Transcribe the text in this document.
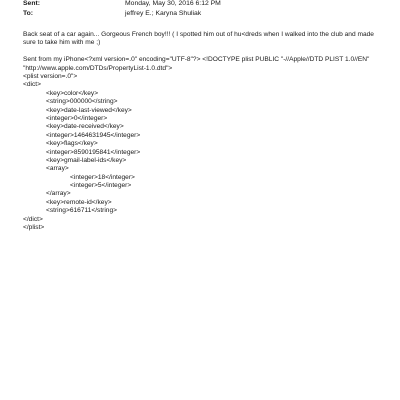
Sent:	Monday, May 30, 2016 6:12 PM
To:	jeffrey E.; Karyna Shuliak
Back seat of a car again... Gorgeous French boy!!! ( I spotted him out of hu<dreds when I walked into the club and made sure to take him with me ;)
Sent from my iPhone<?xml version=.0" encoding="UTF-8"?> <!DOCTYPE plist PUBLIC "-//Apple//DTD PLIST 1.0//EN"
"http://www.apple.com/DTDs/PropertyList-1.0.dtd">
<plist version=.0">
<dict>
<key>color</key>
<string>000000</string>
<key>date-last-viewed</key>
<integer>0</integer>
<key>date-received</key>
<integer>1464631945</integer>
<key>flags</key>
<integer>8590195841</integer>
<key>gmail-label-ids</key>
<array>
<integer>18</integer>
<integer>5</integer>
</array>
<key>remote-id</key>
<string>616711</string>
</dict>
</plist>
